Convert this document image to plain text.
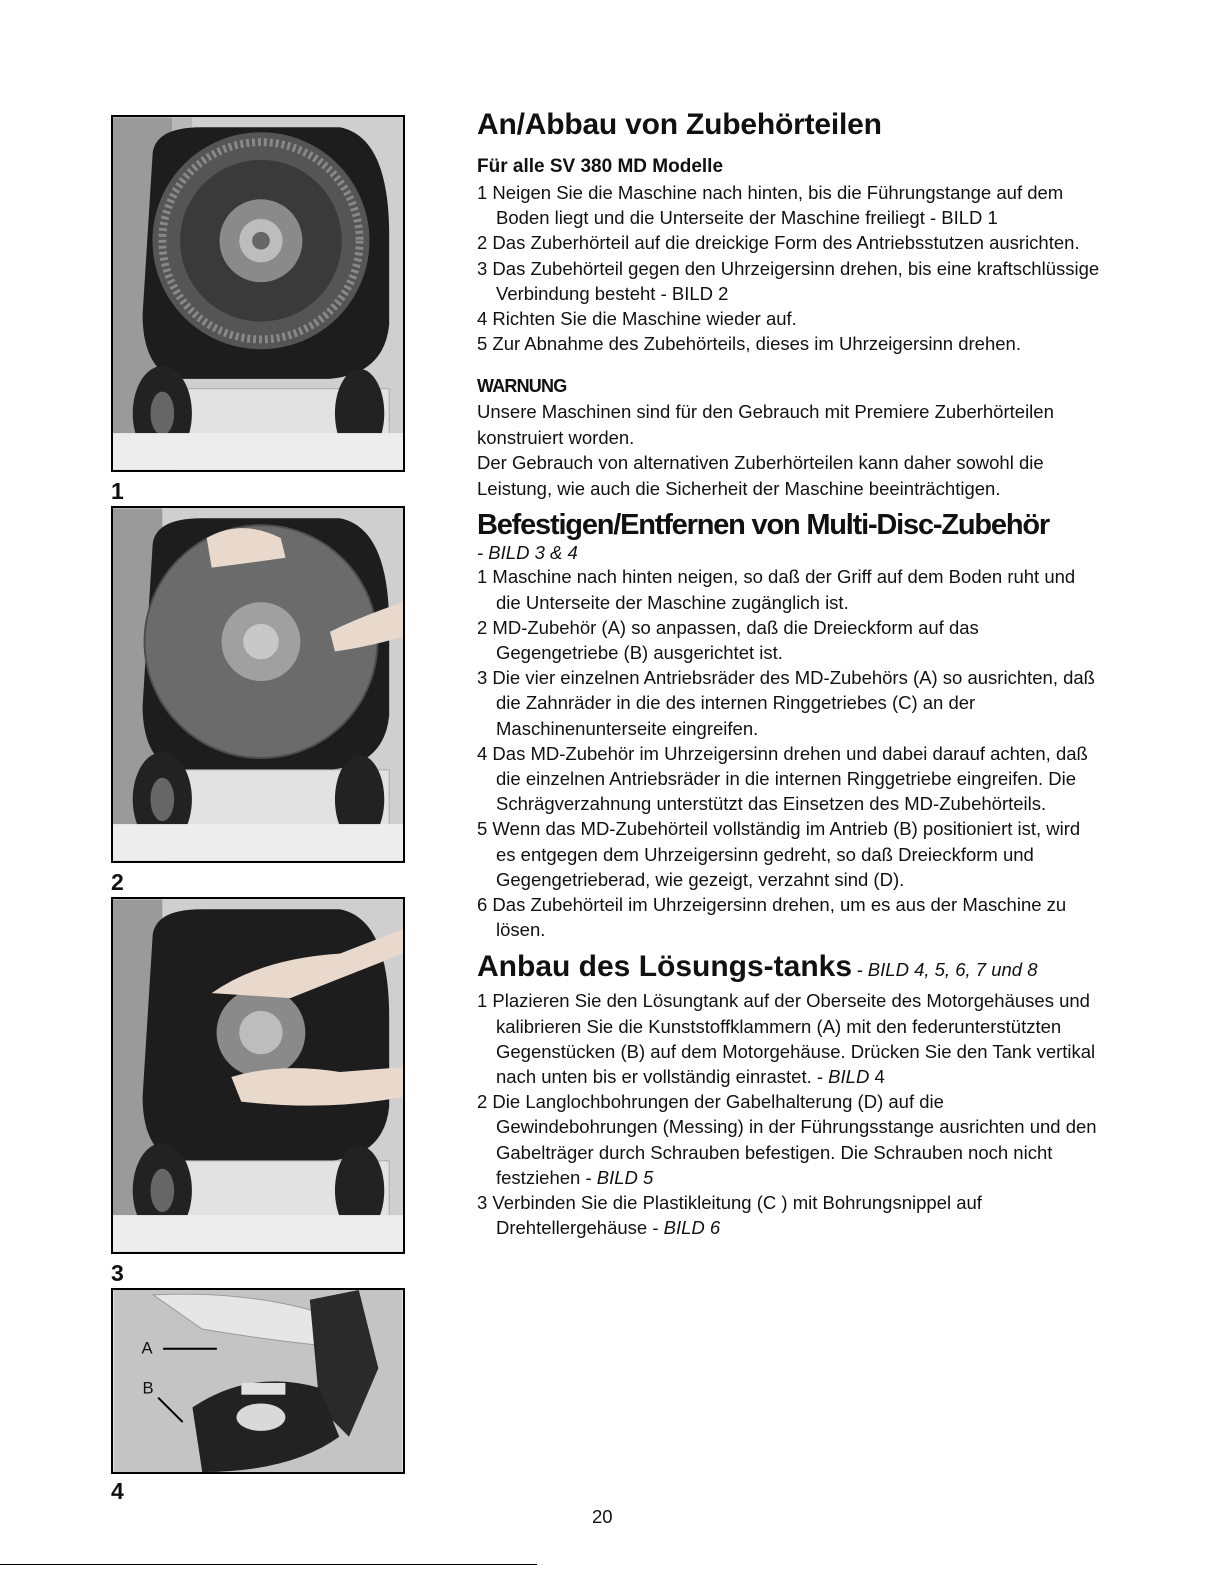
1
2
3
A
B
4
An/Abbau von Zubehörteilen
Für alle SV 380 MD Modelle

1 Neigen Sie die Maschine nach hinten, bis die Führungstange auf dem Boden liegt und die Unterseite der Maschine freiliegt - BILD 1

2 Das Zuberhörteil auf die dreickige Form des Antriebsstutzen ausrichten.

3 Das Zubehörteil gegen den Uhrzeigersinn drehen, bis eine kraftschlüssige Verbindung besteht - BILD 2

4 Richten Sie die Maschine wieder auf.

5 Zur Abnahme des Zubehörteils, dieses im Uhrzeigersinn drehen.

WARNUNG

Unsere Maschinen sind für den Gebrauch mit Premiere Zuberhörteilen konstruiert worden.

Der Gebrauch von alternativen Zuberhörteilen kann daher sowohl die Leistung, wie auch die Sicherheit der Maschine beeinträchtigen.

Befestigen/Entfernen von Multi-Disc-Zubehör

- BILD 3 & 4

1 Maschine nach hinten neigen, so daß der Griff auf dem Boden ruht und die Unterseite der Maschine zugänglich ist.

2 MD-Zubehör (A) so anpassen, daß die Dreieckform auf das Gegengetriebe (B) ausgerichtet ist.

3 Die vier einzelnen Antriebsräder des MD-Zubehörs (A) so ausrichten, daß die Zahnräder in die des internen Ringgetriebes (C) an der Maschinenunterseite eingreifen.

4 Das MD-Zubehör im Uhrzeigersinn drehen und dabei darauf achten, daß die einzelnen Antriebsräder in die internen Ringgetriebe eingreifen. Die Schrägverzahnung unterstützt das Einsetzen des MD-Zubehörteils.

5 Wenn das MD-Zubehörteil vollständig im Antrieb (B) positioniert ist, wird es entgegen dem Uhrzeigersinn gedreht, so daß Dreieckform und Gegengetrieberad, wie gezeigt, verzahnt sind (D).

6 Das Zubehörteil im Uhrzeigersinn drehen, um es aus der Maschine zu lösen.

Anbau des Lösungs-tanks - BILD 4, 5, 6, 7 und 8

1 Plazieren Sie den Lösungtank auf der Oberseite des Motorgehäuses und kalibrieren Sie die Kunststoffklammern (A) mit den federunterstützten Gegenstücken (B) auf dem Motorgehäuse. Drücken Sie den Tank vertikal nach unten bis er vollständig einrastet. - BILD 4

2 Die Langlochbohrungen der Gabelhalterung (D) auf die Gewindebohrungen (Messing) in der Führungsstange ausrichten und den Gabelträger durch Schrauben befestigen. Die Schrauben noch nicht festziehen - BILD 5

3 Verbinden Sie die Plastikleitung (C ) mit Bohrungsnippel auf Drehtellergehäuse - BILD 6

20
